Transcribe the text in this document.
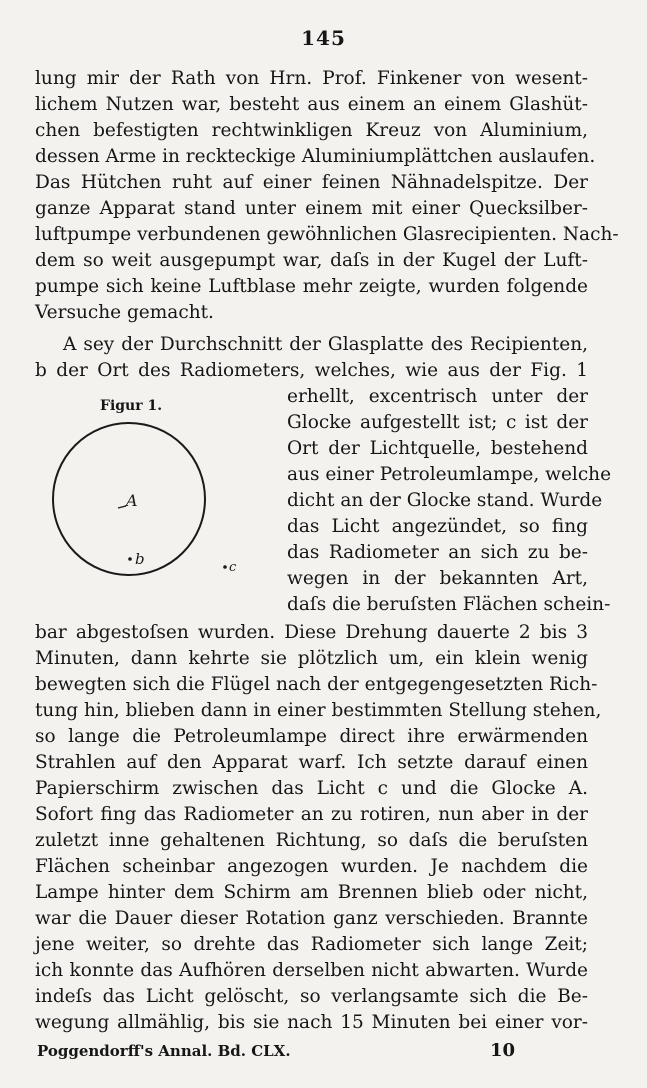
145
lung mir der Rath von Hrn. Prof. Finkener von wesent-
lichem Nutzen war, besteht aus einem an einem Glashüt-
chen befestigten rechtwinkligen Kreuz von Aluminium,
dessen Arme in reckteckige Aluminiumplättchen auslaufen.
Das Hütchen ruht auf einer feinen Nähnadelspitze. Der
ganze Apparat stand unter einem mit einer Quecksilber-
luftpumpe verbundenen gewöhnlichen Glasrecipienten. Nach-
dem so weit ausgepumpt war, daſs in der Kugel der Luft-
pumpe sich keine Luftblase mehr zeigte, wurden folgende
Versuche gemacht.
A sey der Durchschnitt der Glasplatte des Recipienten,
b der Ort des Radiometers, welches, wie aus der Fig. 1
Figur 1.
A
b	c
erhellt, excentrisch unter der
Glocke aufgestellt ist; c ist der
Ort der Lichtquelle, bestehend
aus einer Petroleumlampe, welche
dicht an der Glocke stand. Wurde
das Licht angezündet, so fing
das Radiometer an sich zu be-
wegen in der bekannten Art,
daſs die beruſsten Flächen schein-
bar abgestoſsen wurden. Diese Drehung dauerte 2 bis 3
Minuten, dann kehrte sie plötzlich um, ein klein wenig
bewegten sich die Flügel nach der entgegengesetzten Rich-
tung hin, blieben dann in einer bestimmten Stellung stehen,
so lange die Petroleumlampe direct ihre erwärmenden
Strahlen auf den Apparat warf. Ich setzte darauf einen
Papierschirm zwischen das Licht c und die Glocke A.
Sofort fing das Radiometer an zu rotiren, nun aber in der
zuletzt inne gehaltenen Richtung, so daſs die beruſsten
Flächen scheinbar angezogen wurden. Je nachdem die
Lampe hinter dem Schirm am Brennen blieb oder nicht,
war die Dauer dieser Rotation ganz verschieden. Brannte
jene weiter, so drehte das Radiometer sich lange Zeit;
ich konnte das Aufhören derselben nicht abwarten. Wurde
indeſs das Licht gelöscht, so verlangsamte sich die Be-
wegung allmählig, bis sie nach 15 Minuten bei einer vor-
Poggendorff's Annal. Bd. CLX.	10
